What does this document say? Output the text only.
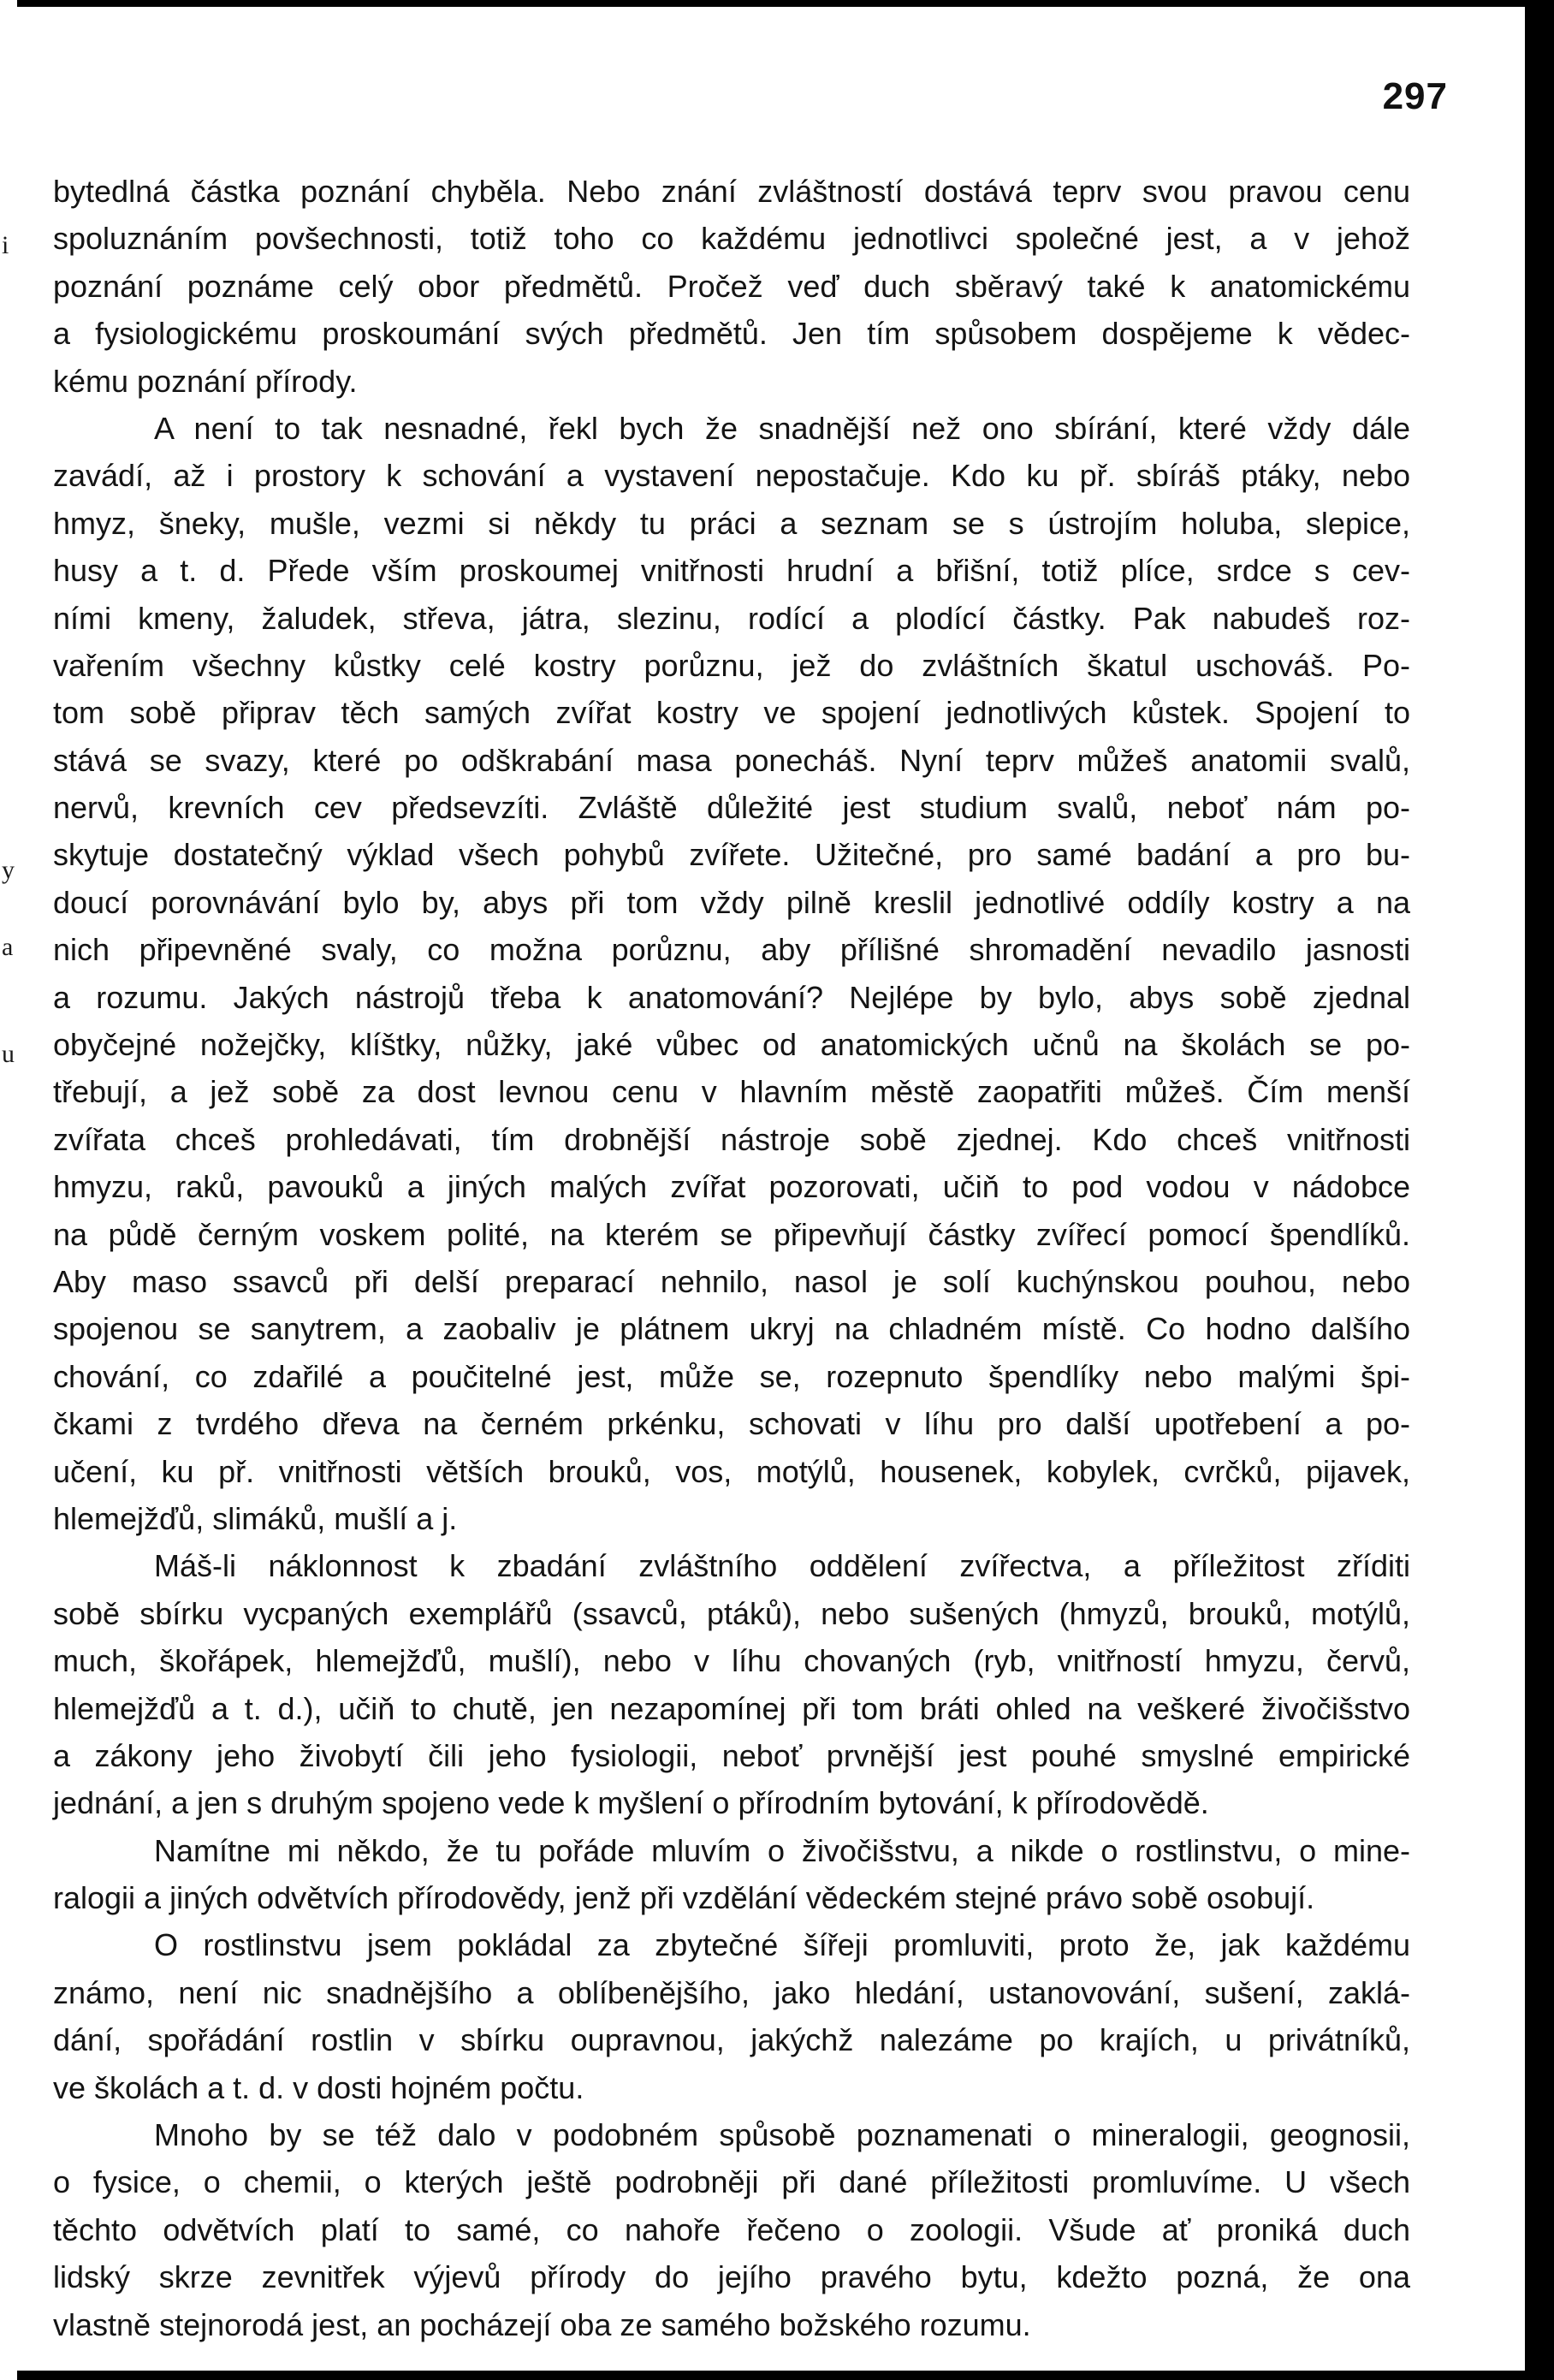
297
bytedlná částka poznání chyběla. Nebo znání zvláštností dostává teprv svou pravou cenu
spoluznáním povšechnosti, totiž toho co každému jednotlivci společné jest, a v jehož
poznání poznáme celý obor předmětů. Pročež veď duch sběravý také k anatomickému
a fysiologickému proskoumání svých předmětů. Jen tím spůsobem dospějeme k vědec-
kému poznání přírody.
A není to tak nesnadné, řekl bych že snadnější než ono sbírání, které vždy dále
zavádí, až i prostory k schování a vystavení nepostačuje. Kdo ku př. sbíráš ptáky, nebo
hmyz, šneky, mušle, vezmi si někdy tu práci a seznam se s ústrojím holuba, slepice,
husy a t. d. Přede vším proskoumej vnitřnosti hrudní a břišní, totiž plíce, srdce s cev-
ními kmeny, žaludek, střeva, játra, slezinu, rodící a plodící částky. Pak nabudeš roz-
vařením všechny kůstky celé kostry porůznu, jež do zvláštních škatul uschováš. Po-
tom sobě připrav těch samých zvířat kostry ve spojení jednotlivých kůstek. Spojení to
stává se svazy, které po odškrabání masa ponecháš. Nyní teprv můžeš anatomii svalů,
nervů, krevních cev předsevzíti. Zvláště důležité jest studium svalů, neboť nám po-
skytuje dostatečný výklad všech pohybů zvířete. Užitečné, pro samé badání a pro bu-
doucí porovnávání bylo by, abys při tom vždy pilně kreslil jednotlivé oddíly kostry a na
nich připevněné svaly, co možna porůznu, aby přílišné shromadění nevadilo jasnosti
a rozumu. Jakých nástrojů třeba k anatomování? Nejlépe by bylo, abys sobě zjednal
obyčejné nožejčky, klíštky, nůžky, jaké vůbec od anatomických učnů na školách se po-
třebují, a jež sobě za dost levnou cenu v hlavním městě zaopatřiti můžeš. Čím menší
zvířata chceš prohledávati, tím drobnější nástroje sobě zjednej. Kdo chceš vnitřnosti
hmyzu, raků, pavouků a jiných malých zvířat pozorovati, učiň to pod vodou v nádobce
na půdě černým voskem polité, na kterém se připevňují částky zvířecí pomocí špendlíků.
Aby maso ssavců při delší preparací nehnilo, nasol je solí kuchýnskou pouhou, nebo
spojenou se sanytrem, a zaobaliv je plátnem ukryj na chladném místě. Co hodno dalšího
chování, co zdařilé a poučitelné jest, může se, rozepnuto špendlíky nebo malými špi-
čkami z tvrdého dřeva na černém prkénku, schovati v líhu pro další upotřebení a po-
učení, ku př. vnitřnosti větších brouků, vos, motýlů, housenek, kobylek, cvrčků, pijavek,
hlemejžďů, slimáků, mušlí a j.
Máš-li náklonnost k zbadání zvláštního oddělení zvířectva, a příležitost zříditi
sobě sbírku vycpaných exemplářů (ssavců, ptáků), nebo sušených (hmyzů, brouků, motýlů,
much, škořápek, hlemejžďů, mušlí), nebo v líhu chovaných (ryb, vnitřností hmyzu, červů,
hlemejžďů a t. d.), učiň to chutě, jen nezapomínej při tom bráti ohled na veškeré živočišstvo
a zákony jeho živobytí čili jeho fysiologii, neboť prvnější jest pouhé smyslné empirické
jednání, a jen s druhým spojeno vede k myšlení o přírodním bytování, k přírodovědě.
Namítne mi někdo, že tu pořáde mluvím o živočišstvu, a nikde o rostlinstvu, o mine-
ralogii a jiných odvětvích přírodovědy, jenž při vzdělání vědeckém stejné právo sobě osobují.
O rostlinstvu jsem pokládal za zbytečné šířeji promluviti, proto že, jak každému
známo, není nic snadnějšího a oblíbenějšího, jako hledání, ustanovování, sušení, zaklá-
dání, spořádání rostlin v sbírku oupravnou, jakýchž nalezáme po krajích, u privátníků,
ve školách a t. d. v dosti hojném počtu.
Mnoho by se též dalo v podobném spůsobě poznamenati o mineralogii, geognosii,
o fysice, o chemii, o kterých ještě podrobněji při dané příležitosti promluvíme. U všech
těchto odvětvích platí to samé, co nahoře řečeno o zoologii. Všude ať proniká duch
lidský skrze zevnitřek výjevů přírody do jejího pravého bytu, kdežto pozná, že ona
vlastně stejnorodá jest, an pocházejí oba ze samého božského rozumu.
i
y
a
u
